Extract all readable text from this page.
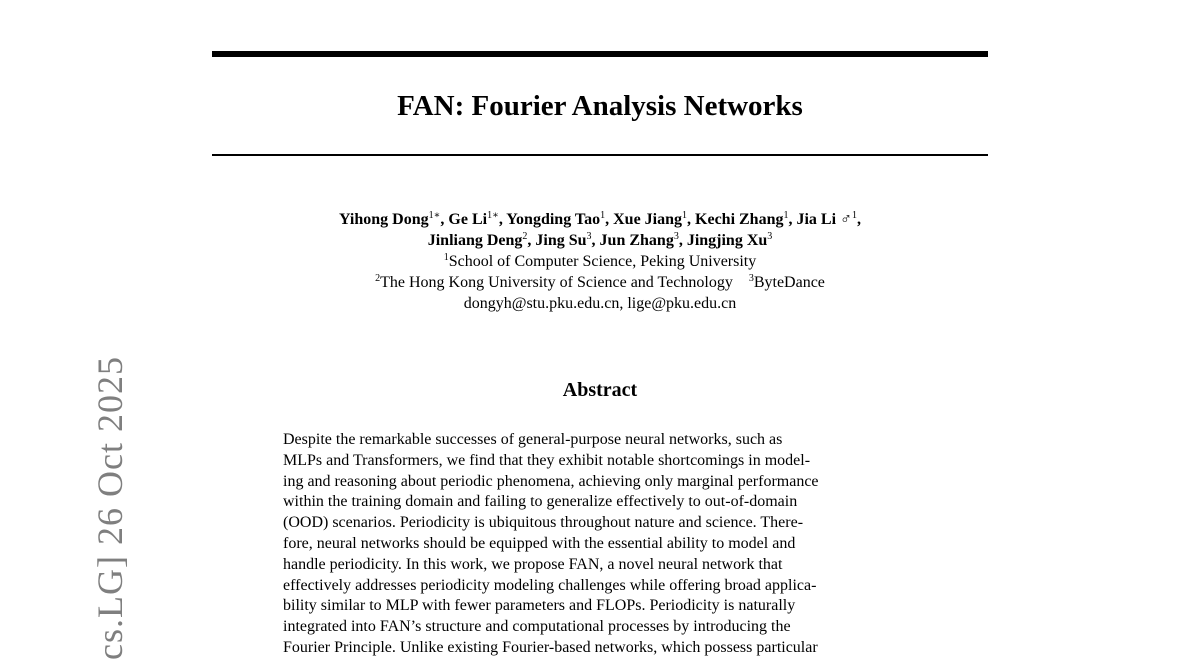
FAN: Fourier Analysis Networks
Yihong Dong$^{1∗}$, Ge $Li^{1∗}$, Yongding Tao$^1$, Xue Jiang$^1$, Kechi Zhang$^1$, Jia Li ♂$^1$,
Jinliang Deng$^2$, Jing Su$^3$, Jun Zhang$^3$, Jingjing Xu$^3$
$^1$School of Computer Science, Peking University
$^2$The Hong Kong University of Science and Technology $^3$ByteDance
dongyh@stu.pku.edu.cn, lige@pku.edu.cn
Abstract
Despite the remarkable successes of general-purpose neural networks, such as
MLPs and Transformers, we find that they exhibit notable shortcomings in model-
ing and reasoning about periodic phenomena, achieving only marginal performance
within the training domain and failing to generalize effectively to out-of-domain
(OOD) scenarios. Periodicity is ubiquitous throughout nature and science. There-
fore, neural networks should be equipped with the essential ability to model and
handle periodicity. In this work, we propose FAN, a novel neural network that
effectively addresses periodicity modeling challenges while offering broad applica-
bility similar to MLP with fewer parameters and FLOPs. Periodicity is naturally
integrated into FAN’s structure and computational processes by introducing the
Fourier Principle. Unlike existing Fourier-based networks, which possess particular
cs.LG] 26 Oct 2025
